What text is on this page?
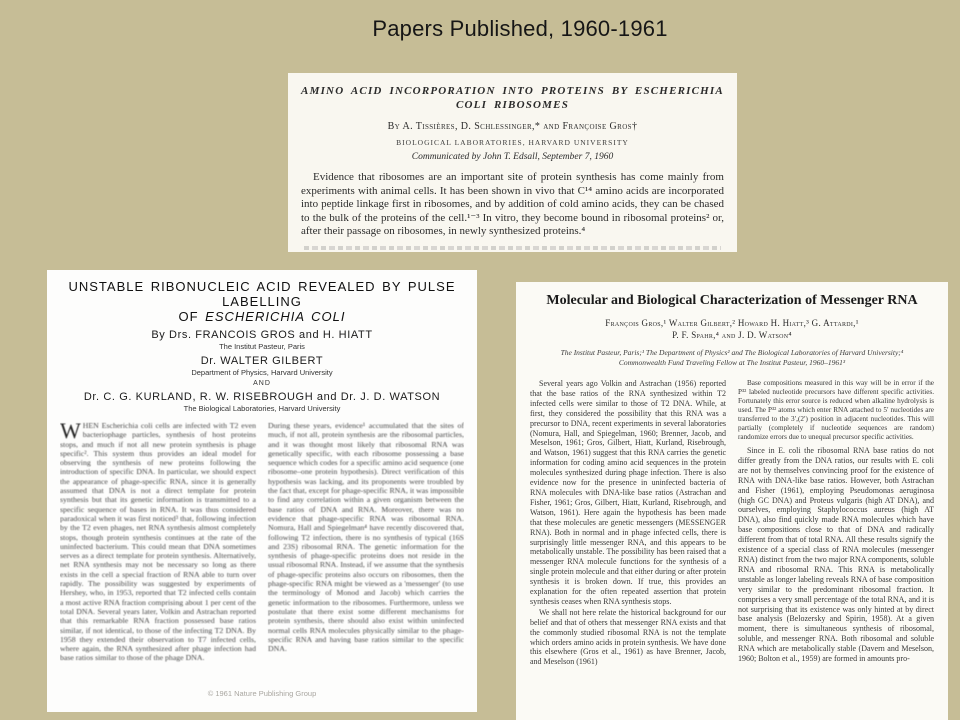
Papers Published, 1960-1961
AMINO ACID INCORPORATION INTO PROTEINS BY ESCHERICHIA
COLI RIBOSOMES
By A. Tissières, D. Schlessinger,* and Françoise Gros†
BIOLOGICAL LABORATORIES, HARVARD UNIVERSITY
Communicated by John T. Edsall, September 7, 1960
Evidence that ribosomes are an important site of protein synthesis has come mainly from experiments with animal cells. It has been shown in vivo that C¹⁴ amino acids are incorporated into peptide linkage first in ribosomes, and by addition of cold amino acids, they can be chased to the bulk of the proteins of the cell.¹⁻³ In vitro, they become bound in ribosomal proteins² or, after their passage on ribosomes, in newly synthesized proteins.⁴
UNSTABLE RIBONUCLEIC ACID REVEALED BY PULSE LABELLING
OF ESCHERICHIA COLI
By Drs. FRANCOIS GROS and H. HIATT
The Institut Pasteur, Paris
Dr. WALTER GILBERT
Department of Physics, Harvard University
AND
Dr. C. G. KURLAND, R. W. RISEBROUGH and Dr. J. D. WATSON
The Biological Laboratories, Harvard University
WHEN Escherichia coli cells are infected with T2 even bacteriophage particles, synthesis of host proteins stops, and much if not all new protein synthesis is phage specific². This system thus provides an ideal model for observing the synthesis of new proteins following the introduction of specific DNA. In particular, we should expect the appearance of phage-specific RNA, since it is generally assumed that DNA is not a direct template for protein synthesis but that its genetic information is transmitted to a specific sequence of bases in RNA. It was thus considered paradoxical when it was first noticed³ that, following infection by the T2 even phages, net RNA synthesis almost completely stops, though protein synthesis continues at the rate of the uninfected bacterium. This could mean that DNA sometimes serves as a direct template for protein synthesis. Alternatively, net RNA synthesis may not be necessary so long as there exists in the cell a special fraction of RNA able to turn over rapidly. The possibility was suggested by experiments of Hershey, who, in 1953, reported that T2 infected cells contain a most active RNA fraction comprising about 1 per cent of the total DNA. Several years later, Volkin and Astrachan reported that this remarkable RNA fraction possessed base ratios similar, if not identical, to those of the infecting T2 DNA. By 1958 they extended their observation to T7 infected cells, where again, the RNA synthesized after phage infection had base ratios similar to those of the phage DNA.
During these years, evidence¹ accumulated that the sites of much, if not all, protein synthesis are the ribosomal particles, and it was thought most likely that ribosomal RNA was genetically specific, with each ribosome possessing a base sequence which codes for a specific amino acid sequence (one ribosome–one protein hypothesis). Direct verification of this hypothesis was lacking, and its proponents were troubled by the fact that, except for phage-specific RNA, it was impossible to find any correlation within a given organism between the base ratios of DNA and RNA. Moreover, there was no evidence that phage-specific RNA was ribosomal RNA. Nomura, Hall and Spiegelman⁴ have recently discovered that, following T2 infection, there is no synthesis of typical (16S and 23S) ribosomal RNA. The genetic information for the synthesis of phage-specific proteins does not reside in the usual ribosomal RNA. Instead, if we assume that the synthesis of phage-specific proteins also occurs on ribosomes, then the phage-specific RNA might be viewed as a 'messenger' (to use the terminology of Monod and Jacob) which carries the genetic information to the ribosomes. Furthermore, unless we postulate that there exist some different mechanisms for protein synthesis, there should also exist within uninfected normal cells RNA molecules physically similar to the phage-specific RNA and having base ratios similar to the specific DNA.
© 1961 Nature Publishing Group
Molecular and Biological Characterization of Messenger RNA
François Gros,¹ Walter Gilbert,² Howard H. Hiatt,³ G. Attardi,¹
P. F. Spahr,⁴ and J. D. Watson⁴
The Institut Pasteur, Paris;¹ The Department of Physics² and The Biological Laboratories of Harvard University;⁴
Commonwealth Fund Traveling Fellow at The Institut Pasteur, 1960–1961³

Several years ago Volkin and Astrachan (1956) reported that the base ratios of the RNA synthesized within T2 infected cells were similar to those of T2 DNA. While, at first, they considered the possibility that this RNA was a precursor to DNA, recent experiments in several laboratories (Nomura, Hall, and Spiegelman, 1960; Brenner, Jacob, and Meselson, 1961; Gros, Gilbert, Hiatt, Kurland, Risebrough, and Watson, 1961) suggest that this RNA carries the genetic information for coding amino acid sequences in the protein molecules synthesized during phage infection. There is also evidence now for the presence in uninfected bacteria of RNA molecules with DNA-like base ratios (Astrachan and Fisher, 1961; Gros, Gilbert, Hiatt, Kurland, Risebrough, and Watson, 1961). Here again the hypothesis has been made that these molecules are genetic messengers (MESSENGER RNA). Both in normal and in phage infected cells, there is surprisingly little messenger RNA, and this appears to be metabolically unstable. The possibility has been raised that a messenger RNA molecule functions for the synthesis of a single protein molecule and that either during or after protein synthesis it is broken down. If true, this provides an explanation for the often repeated assertion that protein synthesis ceases when RNA synthesis stops.

We shall not here relate the historical background for our belief and that of others that messenger RNA exists and that the commonly studied ribosomal RNA is not the template which orders amino acids in protein synthesis. We have done this elsewhere (Gros et al., 1961) as have Brenner, Jacob, and Meselson (1961)

Base compositions measured in this way will be in error if the P³² labeled nucleotide precursors have different specific activities. Fortunately this error source is reduced when alkaline hydrolysis is used. The P³² atoms which enter RNA attached to 5′ nucleotides are transferred to the 3′,(2′) position in adjacent nucleotides. This will partially (completely if nucleotide sequences are random) randomize errors due to unequal precursor specific activities.

Since in E. coli the ribosomal RNA base ratios do not differ greatly from the DNA ratios, our results with E. coli are not by themselves convincing proof for the existence of RNA with DNA-like base ratios. However, both Astrachan and Fisher (1961), employing Pseudomonas aeruginosa (high GC DNA) and Proteus vulgaris (high AT DNA), and ourselves, employing Staphylococcus aureus (high AT DNA), also find quickly made RNA molecules which have base compositions close to that of DNA and radically different from that of total RNA. All these results signify the existence of a special class of RNA molecules (messenger RNA) distinct from the two major RNA components, soluble RNA and ribosomal RNA. This RNA is metabolically unstable as longer labeling reveals RNA of base composition very similar to the predominant ribosomal fraction. It comprises a very small percentage of the total RNA, and it is not surprising that its existence was only hinted at by direct base analysis (Belozersky and Spirin, 1958). At a given moment, there is simultaneous synthesis of ribosomal, soluble, and messenger RNA. Both ribosomal and soluble RNA which are metabolically stable (Davern and Meselson, 1960; Bolton et al., 1959) are formed in amounts pro-
